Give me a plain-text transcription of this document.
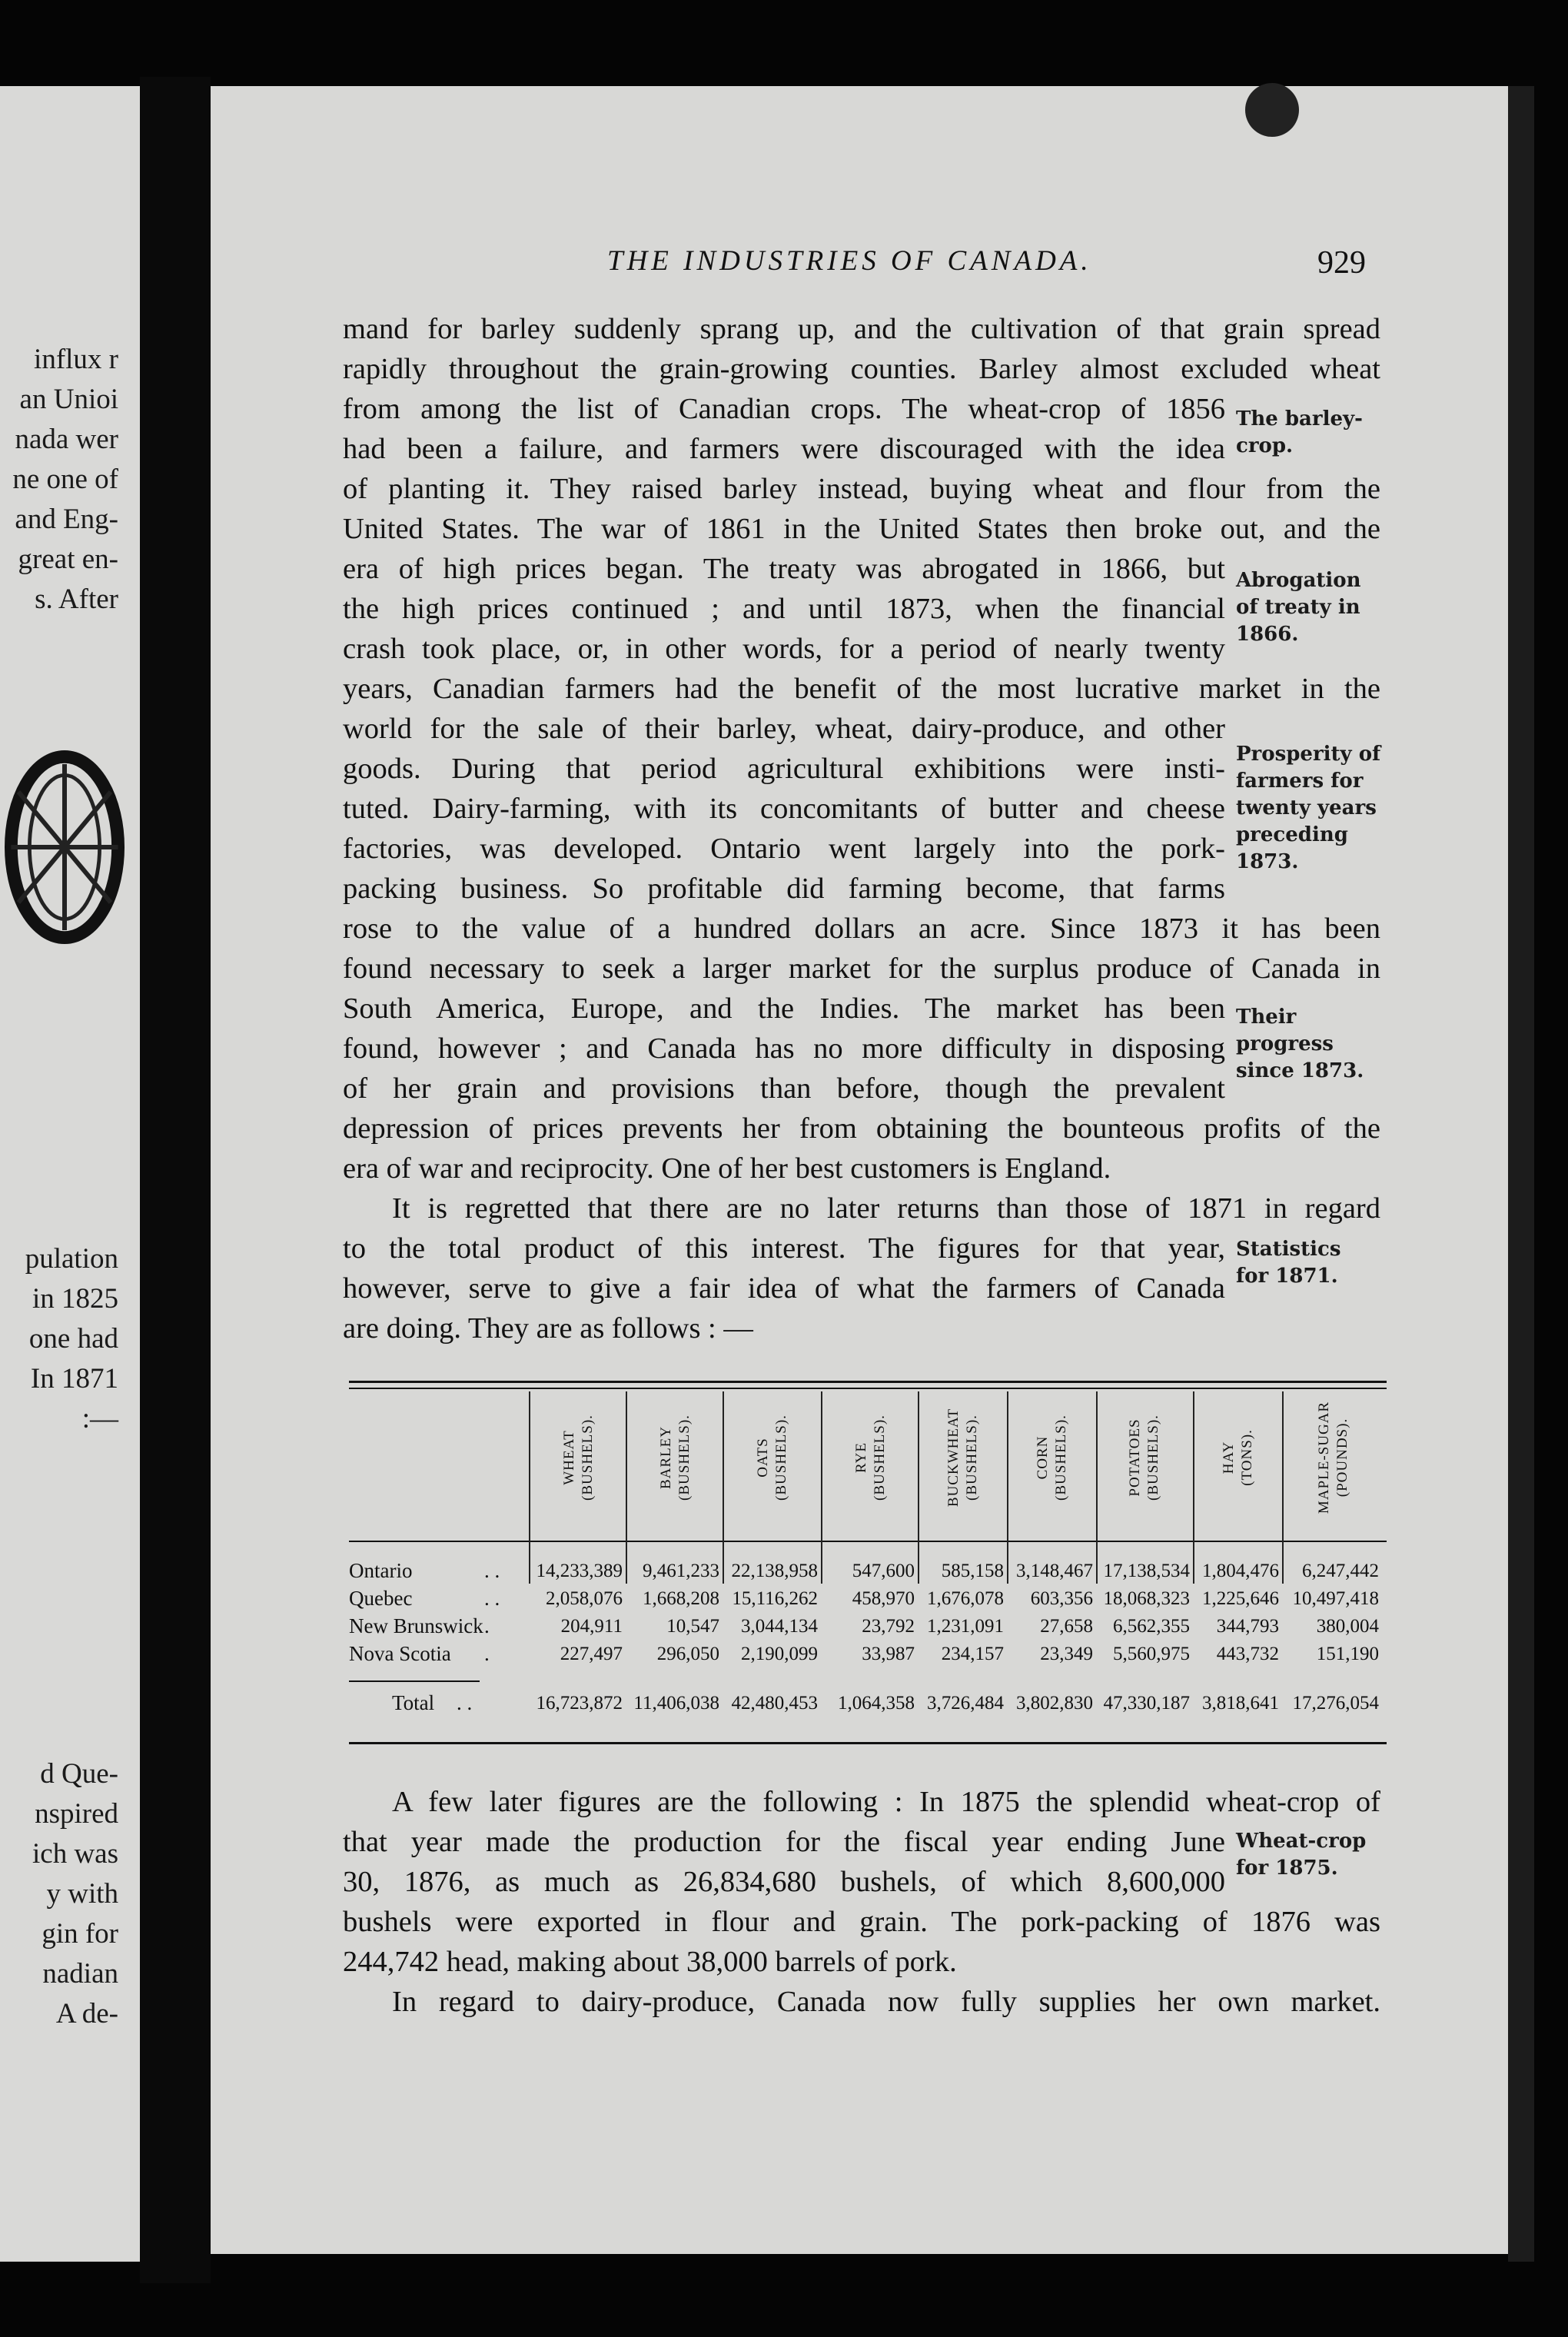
influx r
an Unioi
nada wer
ne one of
and Eng-
great en-
s. After
pulation
in 1825
one had
In 1871
:—
d Que-
nspired
ich was
y with
gin for
nadian
A de-
THE INDUSTRIES OF CANADA.	929
mand for barley suddenly sprang up, and the cultivation of that grain spread
rapidly throughout the grain-growing counties. Barley almost excluded wheat
from among the list of Canadian crops. The wheat-crop of 1856
had been a failure, and farmers were discouraged with the idea
of planting it. They raised barley instead, buying wheat and flour from the
United States. The war of 1861 in the United States then broke out, and the
era of high prices began. The treaty was abrogated in 1866, but
the high prices continued ; and until 1873, when the financial
crash took place, or, in other words, for a period of nearly twenty
years, Canadian farmers had the benefit of the most lucrative market in the
world for the sale of their barley, wheat, dairy-produce, and other
goods. During that period agricultural exhibitions were insti-
tuted. Dairy-farming, with its concomitants of butter and cheese
factories, was developed. Ontario went largely into the pork-
packing business. So profitable did farming become, that farms
rose to the value of a hundred dollars an acre. Since 1873 it has been
found necessary to seek a larger market for the surplus produce of Canada in
South America, Europe, and the Indies. The market has been
found, however ; and Canada has no more difficulty in disposing
of her grain and provisions than before, though the prevalent
depression of prices prevents her from obtaining the bounteous profits of the
era of war and reciprocity. One of her best customers is England.
It is regretted that there are no later returns than those of 1871 in regard
to the total product of this interest. The figures for that year,
however, serve to give a fair idea of what the farmers of Canada
are doing. They are as follows : —
The barley-
crop.
Abrogation
of treaty in
1866.
Prosperity of
farmers for
twenty years
preceding
1873.
Their
progress
since 1873.
Statistics
for 1871.
Wheat-crop
for 1875.
WHEAT (BUSHELS).	BARLEY (BUSHELS).	OATS (BUSHELS).	RYE (BUSHELS).	BUCKWHEAT (BUSHELS).	CORN (BUSHELS).	POTATOES (BUSHELS).	HAY (TONS).	MAPLE-SUGAR (POUNDS).
Ontario	. . 14,233,389 9,461,233 22,138,958 547,600 585,158 3,148,467 17,138,534 1,804,476 6,247,442
Quebec	. . 2,058,076 1,668,208 15,116,262 458,970 1,676,078 603,356 18,068,323 1,225,646 10,497,418
New Brunswick .	204,911 10,547 3,044,134 23,792 1,231,091 27,658 6,562,355 344,793 380,004
Nova Scotia .	227,497 296,050 2,190,099 33,987 234,157 23,349 5,560,975 443,732 151,190
Total . .	16,723,872 11,406,038 42,480,453 1,064,358 3,726,484 3,802,830 47,330,187 3,818,641 17,276,054
A few later figures are the following : In 1875 the splendid wheat-crop of
that year made the production for the fiscal year ending June
30, 1876, as much as 26,834,680 bushels, of which 8,600,000
bushels were exported in flour and grain. The pork-packing of 1876 was
244,742 head, making about 38,000 barrels of pork.
In regard to dairy-produce, Canada now fully supplies her own market.
